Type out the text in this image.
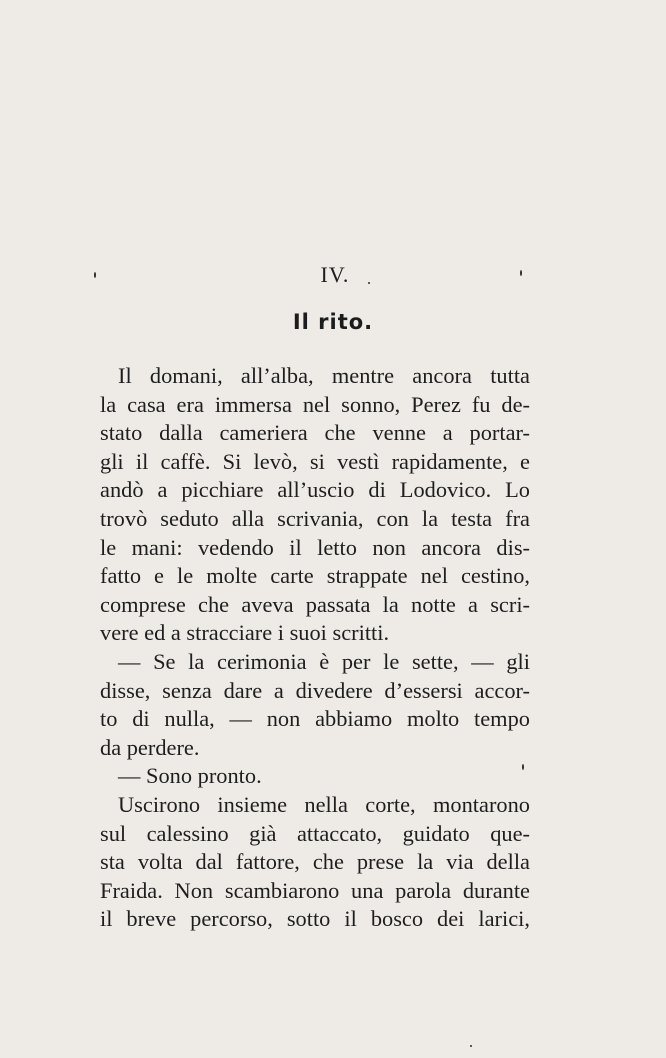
IV.
Il rito.
Il domani, all’alba, mentre ancora tutta
la casa era immersa nel sonno, Perez fu de-
stato dalla cameriera che venne a portar-
gli il caffè. Si levò, si vestì rapidamente, e
andò a picchiare all’uscio di Lodovico. Lo
trovò seduto alla scrivania, con la testa fra
le mani: vedendo il letto non ancora dis-
fatto e le molte carte strappate nel cestino,
comprese che aveva passata la notte a scri-
vere ed a stracciare i suoi scritti.
— Se la cerimonia è per le sette, — gli
disse, senza dare a divedere d’essersi accor-
to di nulla, — non abbiamo molto tempo
da perdere.
— Sono pronto.
Uscirono insieme nella corte, montarono
sul calessino già attaccato, guidato que-
sta volta dal fattore, che prese la via della
Fraida. Non scambiarono una parola durante
il breve percorso, sotto il bosco dei larici,
